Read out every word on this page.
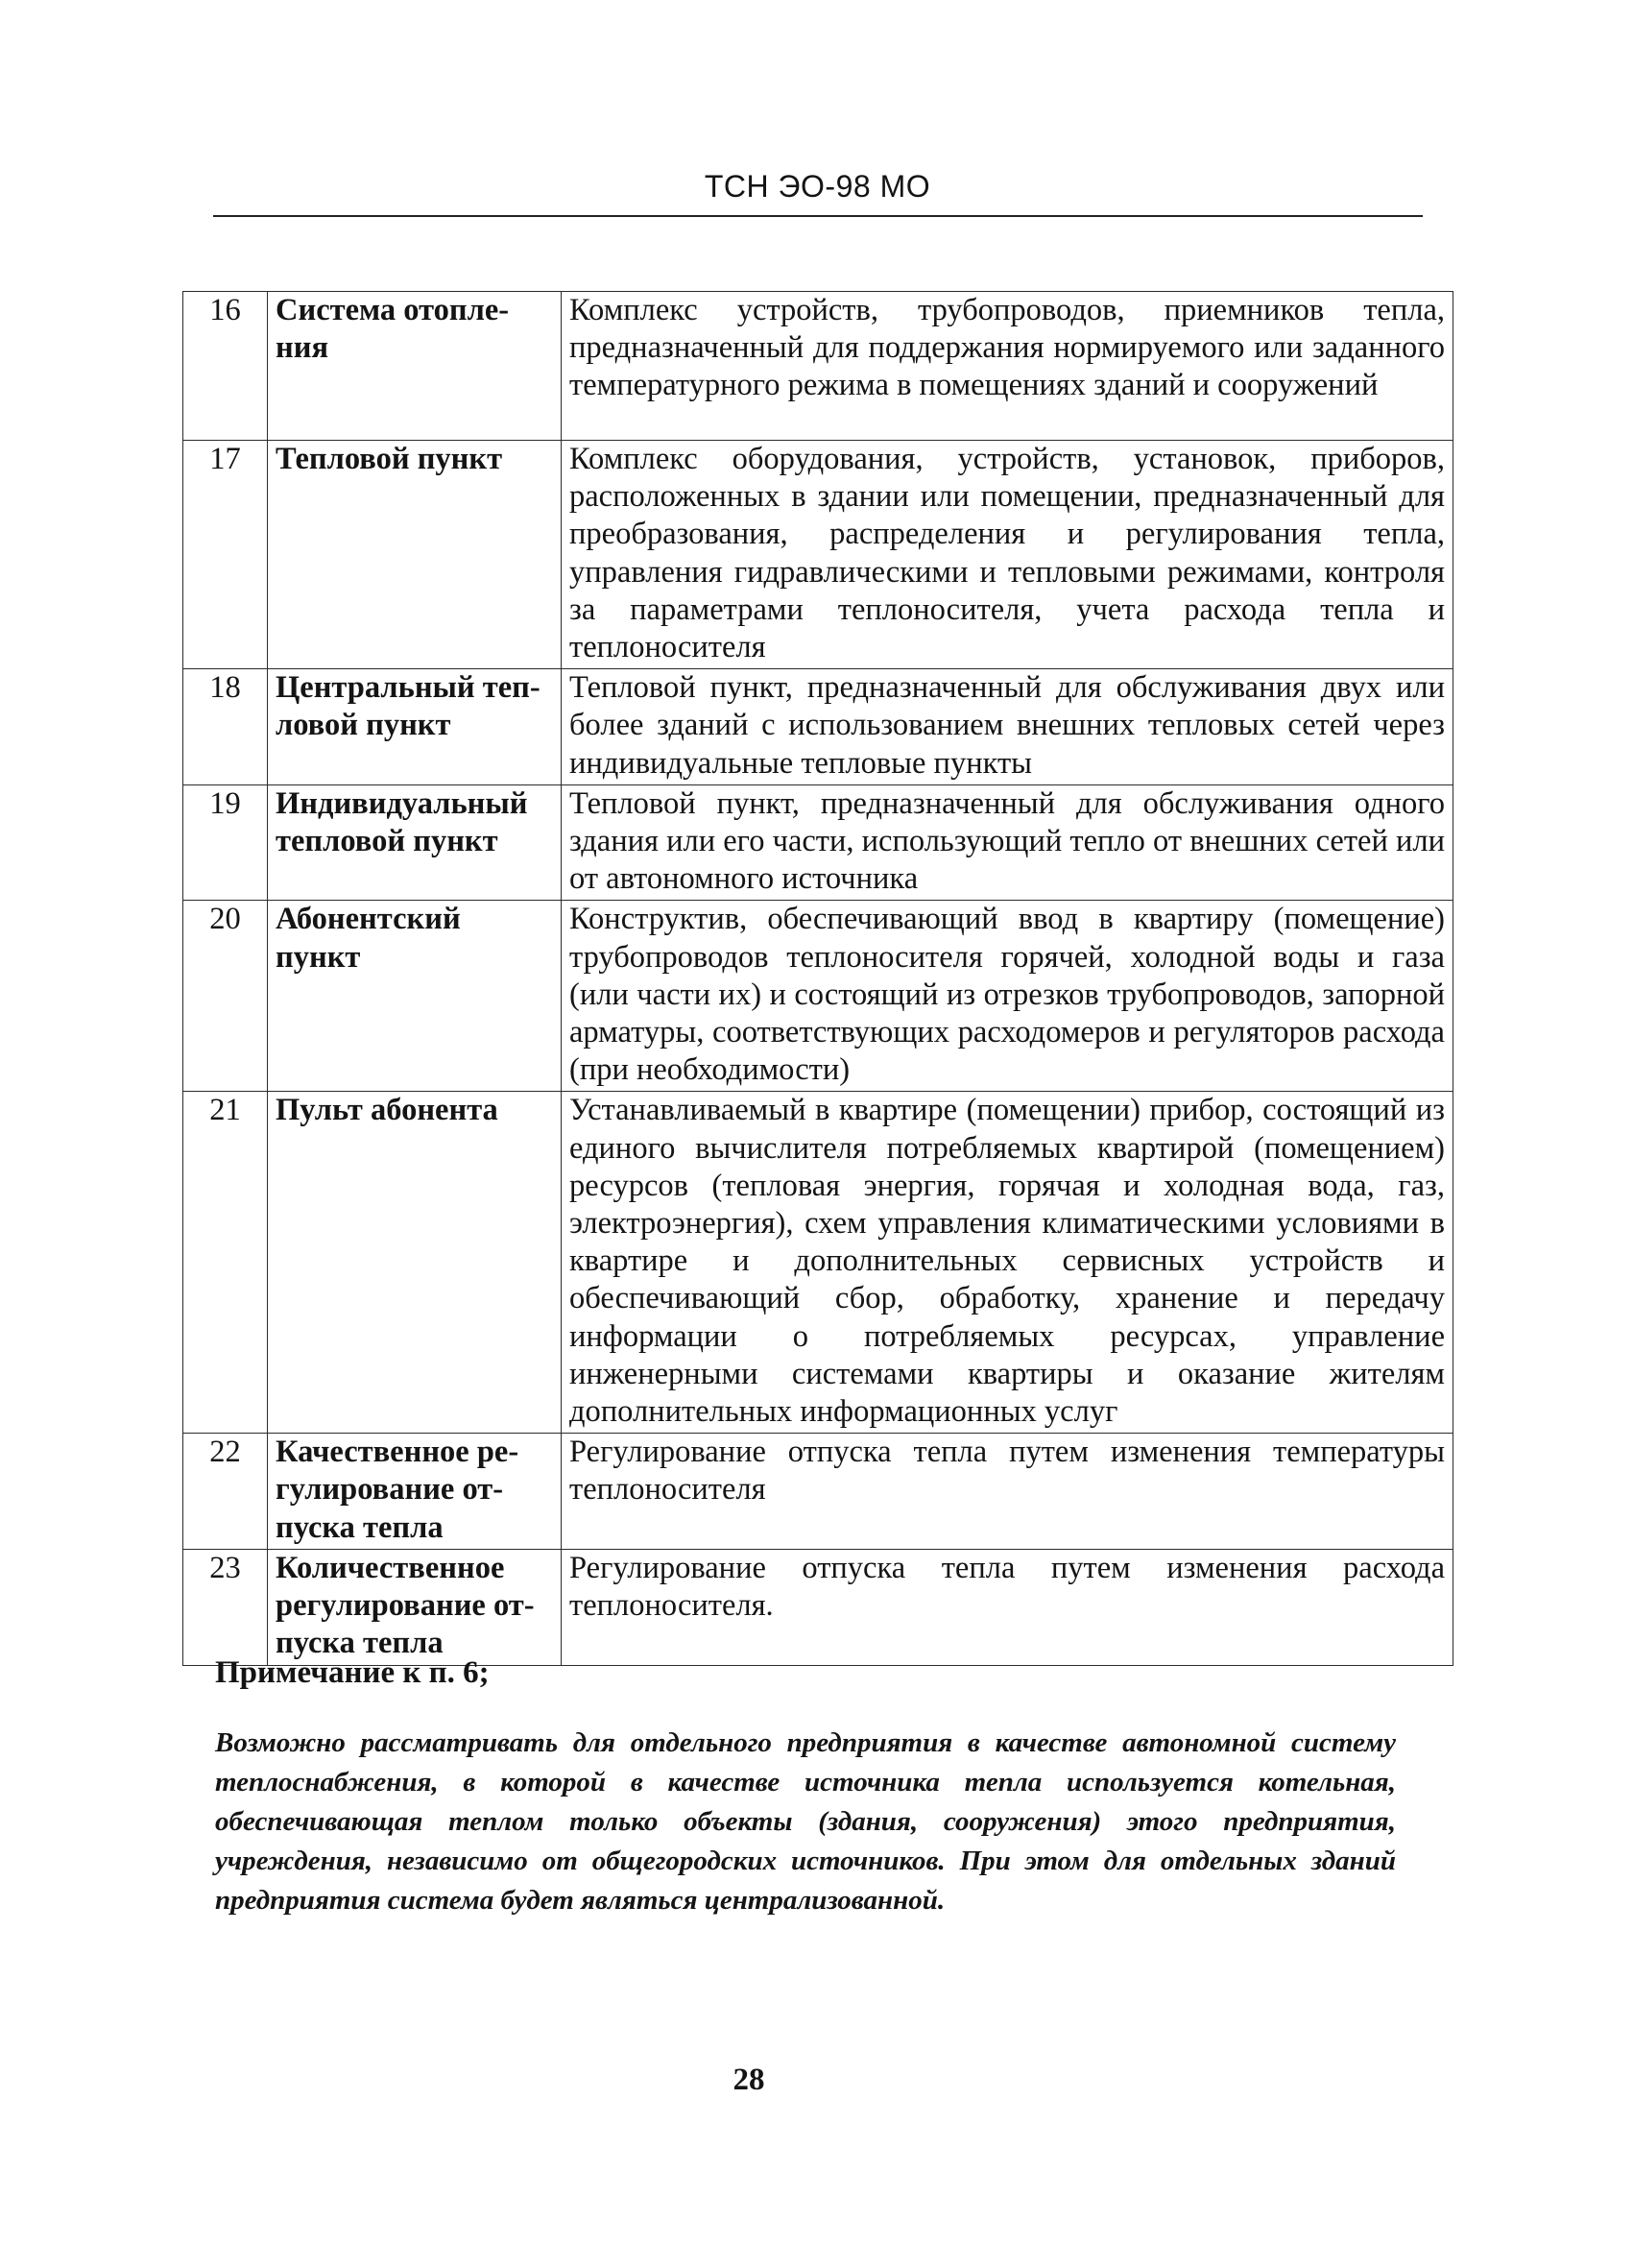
ТСН ЭО-98 МО
16	Система отопле-ния	Комплекс устройств, трубопроводов, приемников тепла, предназначенный для поддержания нормируемого или заданного температурного режима в помещениях зданий и сооружений
17	Тепловой пункт	Комплекс оборудования, устройств, установок, приборов, расположенных в здании или помещении, предназначенный для преобразования, распределения и регулирования тепла, управления гидравлическими и тепловыми режимами, контроля за параметрами теплоносителя, учета расхода тепла и теплоносителя
18	Центральный теп-ловой пункт	Тепловой пункт, предназначенный для обслуживания двух или более зданий с использованием внешних тепловых сетей через индивидуальные тепловые пункты
19	Индивидуальный тепловой пункт	Тепловой пункт, предназначенный для обслуживания одного здания или его части, использующий тепло от внешних сетей или от автономного источника
20	Абонентский пункт	Конструктив, обеспечивающий ввод в квартиру (помещение) трубопроводов теплоносителя горячей, холодной воды и газа (или части их) и состоящий из отрезков трубопроводов, запорной арматуры, соответствующих расходомеров и регуляторов расхода (при необходимости)
21	Пульт абонента	Устанавливаемый в квартире (помещении) прибор, состоящий из единого вычислителя потребляемых квартирой (помещением) ресурсов (тепловая энергия, горячая и холодная вода, газ, электроэнергия), схем управления климатическими условиями в квартире и дополнительных сервисных устройств и обеспечивающий сбор, обработку, хранение и передачу информации о потребляемых ресурсах, управление инженерными системами квартиры и оказание жителям дополнительных информационных услуг
22	Качественное ре-гулирование от-пуска тепла	Регулирование отпуска тепла путем изменения температуры теплоносителя
23	Количественное регулирование от-пуска тепла	Регулирование отпуска тепла путем изменения расхода теплоносителя.
Примечание к п. 6;
Возможно рассматривать для отдельного предприятия в качестве автономной систему теплоснабжения, в которой в качестве источника тепла используется котельная, обеспечивающая теплом только объекты (здания, сооружения) этого предприятия, учреждения, независимо от общегородских источников. При этом для отдельных зданий предприятия система будет являться централизованной.
28
